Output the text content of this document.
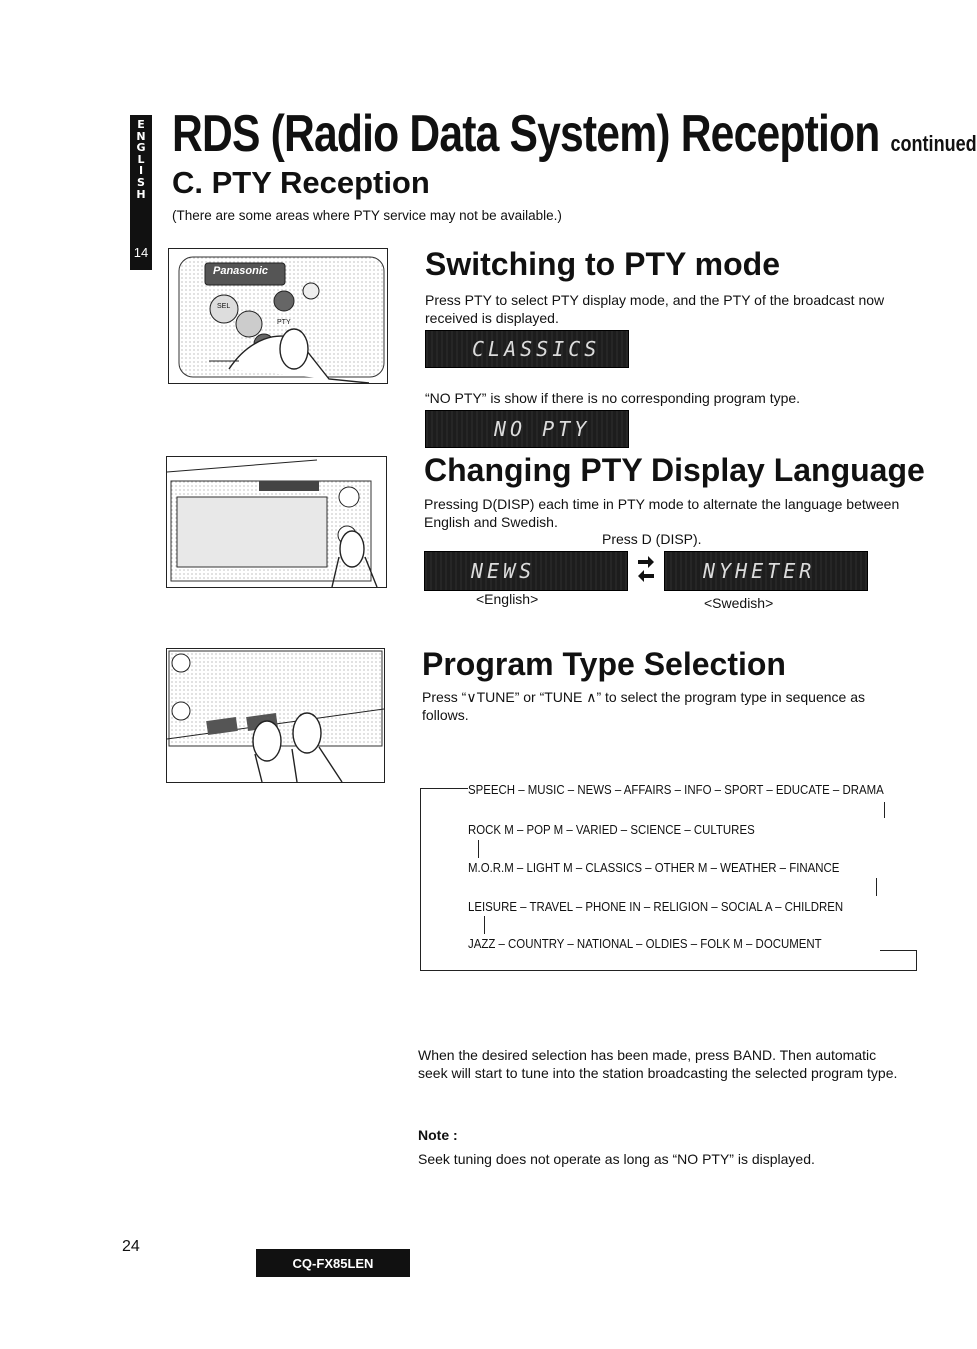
E
N
G
L
I
S
H
14
RDS (Radio Data System) Reception continued
C. PTY Reception
(There are some areas where PTY service may not be available.)
Panasonic
SEL
PTY
Switching to PTY mode
Press PTY to select PTY display mode, and the PTY of the broadcast now received is displayed.
CLASSICS
“NO PTY” is show if there is no corresponding program type.
NO PTY
Changing PTY Display Language
Pressing D(DISP) each time in PTY mode to alternate the language between English and Swedish.
Press D (DISP).
NEWS	NYHETER
<English>	<Swedish>
Program Type Selection
Press “∨TUNE” or “TUNE ∧” to select the program type in sequence as follows.
SPEECH – MUSIC – NEWS – AFFAIRS – INFO – SPORT – EDUCATE – DRAMA
ROCK M – POP M – VARIED – SCIENCE – CULTURES
M.O.R.M – LIGHT M – CLASSICS – OTHER M – WEATHER – FINANCE
LEISURE – TRAVEL – PHONE IN – RELIGION – SOCIAL A – CHILDREN
JAZZ – COUNTRY – NATIONAL – OLDIES – FOLK M – DOCUMENT
When the desired selection has been made, press BAND. Then automatic seek will start to tune into the station broadcasting the selected program type.
Note :
Seek tuning does not operate as long as “NO PTY” is displayed.
24
CQ-FX85LEN
